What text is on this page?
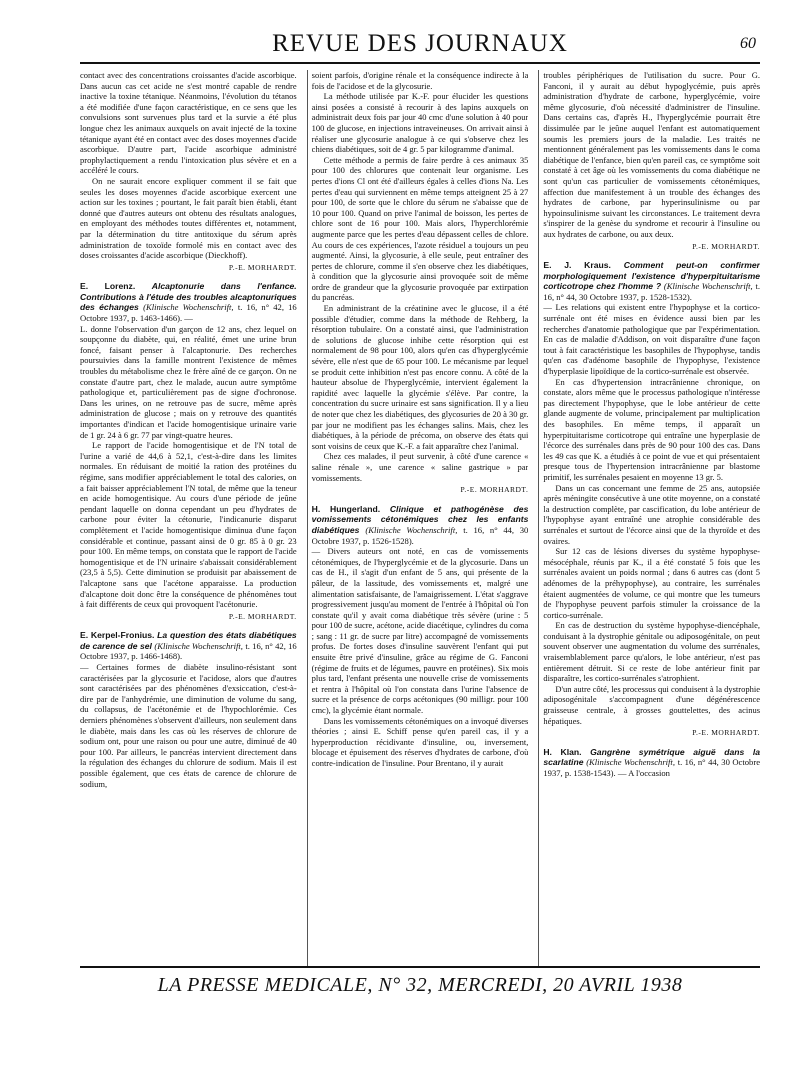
REVUE DES JOURNAUX	60

contact avec des concentrations croissantes d'acide ascorbique. Dans aucun cas cet acide ne s'est montré capable de rendre inactive la toxine tétanique. Néanmoins, l'évolution du tétanos a été modifiée d'une façon caractéristique, en ce sens que les convulsions sont survenues plus tard et la survie a été plus longue chez les animaux auxquels on avait injecté de la toxine tétanique ayant été en contact avec des doses moyennes d'acide ascorbique. D'autre part, l'acide ascorbique administré prophylactiquement a rendu l'intoxication plus sévère et en a accéléré le cours.

On ne saurait encore expliquer comment il se fait que seules les doses moyennes d'acide ascorbique exercent une action sur les toxines ; pourtant, le fait paraît bien établi, étant donné que d'autres auteurs ont obtenu des résultats analogues, en employant des méthodes toutes différentes et, notamment, par la détermination du titre antitoxique du sérum après administration de toxoïde formolé mis en contact avec des doses croissantes d'acide ascorbique (Dieckhoff).

P.-E. MORHARDT.

E. Lorenz. Alcaptonurie dans l'enfance. Contributions à l'étude des troubles alcaptonuriques des échanges (Klinische Wochenschrift, t. 16, n° 42, 16 Octobre 1937, p. 1463-1466). —

L. donne l'observation d'un garçon de 12 ans, chez lequel on soupçonne du diabète, qui, en réalité, émet une urine brun foncé, faisant penser à l'alcaptonurie. Des recherches poursuivies dans la famille montrent l'existence de mêmes troubles du métabolisme chez le frère aîné de ce garçon. On ne constate d'autre part, chez le malade, aucun autre symptôme pathologique et, particulièrement pas de signe d'ochronose. Dans les urines, on ne retrouve pas de sucre, même après administration de glucose ; mais on y retrouve des quantités importantes d'indican et l'acide homogentisique urinaire varie de 1 gr. 24 à 6 gr. 77 par vingt-quatre heures.

Le rapport de l'acide homogentisique et de l'N total de l'urine a varié de 44,6 à 52,1, c'est-à-dire dans les limites normales. En réduisant de moitié la ration des protéines du régime, sans modifier appréciablement le total des calories, on a fait baisser appréciablement l'N total, de même que la teneur en acide homogentisique. Au cours d'une période de jeûne pendant laquelle on donna cependant un peu d'hydrates de carbone pour éviter la cétonurie, l'indicanurie disparut complètement et l'acide homogentisique diminua d'une façon considérable et continue, passant ainsi de 0 gr. 85 à 0 gr. 23 pour 100. En même temps, on constata que le rapport de l'acide homogentisique et de l'N urinaire s'abaissait considérablement (23,5 à 5,5). Cette diminution se produisit par abaissement de l'alcaptone sans que l'acétone apparaisse. La production d'alcaptone doit donc être la conséquence de phénomènes tout à fait différents de ceux qui provoquent l'acétonurie.

P.-E. MORHARDT.

E. Kerpel-Fronius. La question des états diabétiques de carence de sel (Klinische Wochenschrift, t. 16, n° 42, 16 Octobre 1937, p. 1466-1468).

— Certaines formes de diabète insulino-résistant sont caractérisées par la glycosurie et l'acidose, alors que d'autres sont caractérisées par des phénomènes d'exsiccation, c'est-à-dire par de l'anhydrémie, une diminution de volume du sang, du collapsus, de l'acétonémie et de l'hypochlorémie. Ces derniers phénomènes s'observent d'ailleurs, non seulement dans le diabète, mais dans les cas où les réserves de chlorure de sodium ont, pour une raison ou pour une autre, diminué de 40 pour 100. Par ailleurs, le pancréas intervient directement dans la régulation des échanges du chlorure de sodium. Mais il est possible également, que ces états de carence de chlorure de sodium,

soient parfois, d'origine rénale et la conséquence indirecte à la fois de l'acidose et de la glycosurie.

La méthode utilisée par K.-F. pour élucider les questions ainsi posées a consisté à recourir à des lapins auxquels on administrait deux fois par jour 40 cmc d'une solution à 40 pour 100 de glucose, en injections intraveineuses. On arrivait ainsi à réaliser une glycosurie analogue à ce qui s'observe chez les chiens diabétiques, soit de 4 gr. 5 par kilogramme d'animal.

Cette méthode a permis de faire perdre à ces animaux 35 pour 100 des chlorures que contenait leur organisme. Les pertes d'ions Cl ont été d'ailleurs égales à celles d'ions Na. Les pertes d'eau qui surviennent en même temps atteignent 25 à 27 pour 100, de sorte que le chlore du sérum ne s'abaisse que de 10 pour 100. Quand on prive l'animal de boisson, les pertes de chlore sont de 16 pour 100. Mais alors, l'hyperchlorémie augmente parce que les pertes d'eau dépassent celles de chlore. Au cours de ces expériences, l'azote résiduel a toujours un peu augmenté. Ainsi, la glycosurie, à elle seule, peut entraîner des pertes de chlorure, comme il s'en observe chez les diabétiques, à condition que la glycosurie ainsi provoquée soit de même ordre de grandeur que la glycosurie provoquée par extirpation du pancréas.

En administrant de la créatinine avec le glucose, il a été possible d'étudier, comme dans la méthode de Rehberg, la résorption tubulaire. On a constaté ainsi, que l'administration de solutions de glucose inhibe cette résorption qui est normalement de 98 pour 100, alors qu'en cas d'hyperglycémie sévère, elle n'est que de 65 pour 100. Le mécanisme par lequel se produit cette inhibition n'est pas encore connu. A côté de la hauteur absolue de l'hyperglycémie, intervient également la rapidité avec laquelle la glycémie s'élève. Par contre, la concentration du sucre urinaire est sans signification. Il y a lieu de noter que chez les diabétiques, des glycosuries de 20 à 30 gr. par jour ne modifient pas les échanges salins. Mais, chez les diabétiques, à la période de précoma, on observe des états qui sont voisins de ceux que K.-F. a fait apparaître chez l'animal.

Chez ces malades, il peut survenir, à côté d'une carence « saline rénale », une carence « saline gastrique » par vomissements.

P.-E. MORHARDT.

H. Hungerland. Clinique et pathogénèse des vomissements cétonémiques chez les enfants diabétiques (Klinische Wochenschrift, t. 16, n° 44, 30 Octobre 1937, p. 1526-1528).

— Divers auteurs ont noté, en cas de vomissements cétonémiques, de l'hyperglycémie et de la glycosurie. Dans un cas de H., il s'agit d'un enfant de 5 ans, qui présente de la pâleur, de la lassitude, des vomissements et, malgré une alimentation satisfaisante, de l'amaigrissement. L'état s'aggrave progressivement jusqu'au moment de l'entrée à l'hôpital où l'on constate qu'il y avait coma diabétique très sévère (urine : 5 pour 100 de sucre, acétone, acide diacétique, cylindres du coma ; sang : 11 gr. de sucre par litre) accompagné de vomissements profus. De fortes doses d'insuline sauvèrent l'enfant qui put ensuite être privé d'insuline, grâce au régime de G. Fanconi (régime de fruits et de légumes, pauvre en protéines). Six mois plus tard, l'enfant présenta une nouvelle crise de vomissements et rentra à l'hôpital où l'on constata dans l'urine l'absence de sucre et la présence de corps acétoniques (90 milligr. pour 100 cmc), la glycémie étant normale.

Dans les vomissements cétonémiques on a invoqué diverses théories ; ainsi E. Schiff pense qu'en pareil cas, il y a hyperproduction récidivante d'insuline, ou, inversement, blocage et épuisement des réserves d'hydrates de carbone, d'où contre-indication de l'insuline. Pour Brentano, il y aurait

troubles périphériques de l'utilisation du sucre. Pour G. Fanconi, il y aurait au début hypoglycémie, puis après administration d'hydrate de carbone, hyperglycémie, voire même glycosurie, d'où nécessité d'administrer de l'insuline. Dans certains cas, d'après H., l'hyperglycémie pourrait être dissimulée par le jeûne auquel l'enfant est automatiquement soumis les premiers jours de la maladie. Les traités ne mentionnent généralement pas les vomissements dans le coma diabétique de l'enfance, bien qu'en pareil cas, ce symptôme soit constaté à cet âge où les vomissements du coma diabétique ne sont qu'un cas particulier de vomissements cétonémiques, affection due manifestement à un trouble des échanges des hydrates de carbone, par hyperinsulinisme ou par hypoinsulinisme suivant les circonstances. Le traitement devra s'inspirer de la genèse du syndrome et recourir à l'insuline ou aux hydrates de carbone, ou aux deux.

P.-E. MORHARDT.

E. J. Kraus. Comment peut-on confirmer morphologiquement l'existence d'hyperpituitarisme corticotrope chez l'homme ? (Klinische Wochenschrift, t. 16, n° 44, 30 Octobre 1937, p. 1528-1532).

— Les relations qui existent entre l'hypophyse et la cortico-surrénale ont été mises en évidence aussi bien par les recherches d'anatomie pathologique que par l'expérimentation. En cas de maladie d'Addison, on voit disparaître d'une façon tout à fait caractéristique les basophiles de l'hypophyse, tandis qu'en cas d'adénome basophile de l'hypophyse, l'existence d'hyperplasie lipoïdique de la cortico-surrénale est observée.

En cas d'hypertension intracrânienne chronique, on constate, alors même que le processus pathologique n'intéresse pas directement l'hypophyse, que le lobe antérieur de cette glande augmente de volume, principalement par multiplication des basophiles. En même temps, il apparaît un hyperpituitarisme corticotrope qui entraîne une hyperplasie de l'écorce des surrénales dans près de 90 pour 100 des cas. Dans les 49 cas que K. a étudiés à ce point de vue et qui présentaient presque tous de l'hypertension intracrânienne par blastome primitif, les surrénales pesaient en moyenne 13 gr. 5.

Dans un cas concernant une femme de 25 ans, autopsiée après méningite consécutive à une otite moyenne, on a constaté la destruction complète, par cascification, du lobe antérieur de l'hypophyse ayant entraîné une atrophie considérable des surrénales et surtout de l'écorce ainsi que de la thyroïde et des ovaires.

Sur 12 cas de lésions diverses du système hypophyse-mésocéphale, réunis par K., il a été constaté 5 fois que les surrénales avaient un poids normal ; dans 6 autres cas (dont 5 adénomes de la préhypophyse), au contraire, les surrénales étaient augmentées de volume, ce qui montre que les tumeurs de l'hypophyse peuvent parfois stimuler la croissance de la cortico-surrénale.

En cas de destruction du système hypophyse-diencéphale, conduisant à la dystrophie génitale ou adiposogénitale, on peut souvent observer une augmentation du volume des surrénales, vraisemblablement parce qu'alors, le lobe antérieur, n'est pas entièrement détruit. Si ce reste de lobe antérieur finit par disparaître, les cortico-surrénales s'atrophient.

D'un autre côté, les processus qui conduisent à la dystrophie adiposogénitale s'accompagnent d'une dégénérescence graisseuse centrale, à grosses gouttelettes, des acinus hépatiques.

P.-E. MORHARDT.

H. Klan. Gangrène symétrique aiguë dans la scarlatine (Klinische Wochenschrift, t. 16, n° 44, 30 Octobre 1937, p. 1538-1543). — A l'occasion

LA PRESSE MEDICALE, N° 32, MERCREDI, 20 AVRIL 1938
